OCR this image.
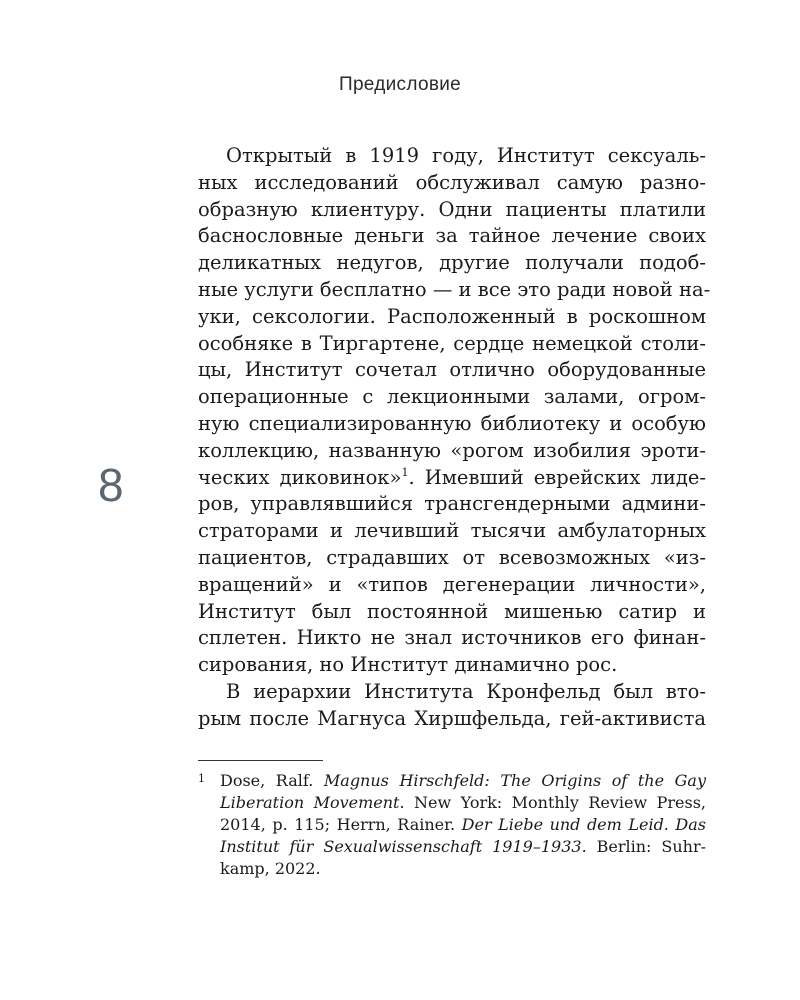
Предисловие
8
Открытый в 1919 году, Институт сексуаль-
ных исследований обслуживал самую разно-
образную клиентуру. Одни пациенты платили
баснословные деньги за тайное лечение своих
деликатных недугов, другие получали подоб-
ные услуги бесплатно — и все это ради новой на-
уки, сексологии. Расположенный в роскошном
особняке в Тиргартене, сердце немецкой столи-
цы, Институт сочетал отлично оборудованные
операционные с лекционными залами, огром-
ную специализированную библиотеку и особую
коллекцию, названную «рогом изобилия эроти-
ческих диковинок»$^1$. Имевший еврейских лиде-
ров, управлявшийся трансгендерными админи-
страторами и лечивший тысячи амбулаторных
пациентов, страдавших от всевозможных «из-
вращений» и «типов дегенерации личности»,
Институт был постоянной мишенью сатир и
сплетен. Никто не знал источников его финан-
сирования, но Институт динамично рос.
В иерархии Института Кронфельд был вто-
рым после Магнуса Хиршфельда, гей-активиста
1 Dose, Ralf. Magnus Hirschfeld: The Origins of the Gay
Liberation Movement. New York: Monthly Review Press,
2014, p. 115; Herrn, Rainer. Der Liebe und dem Leid. Das
Institut für Sexualwissenschaft 1919–1933. Berlin: Suhr-
kamp, 2022.
